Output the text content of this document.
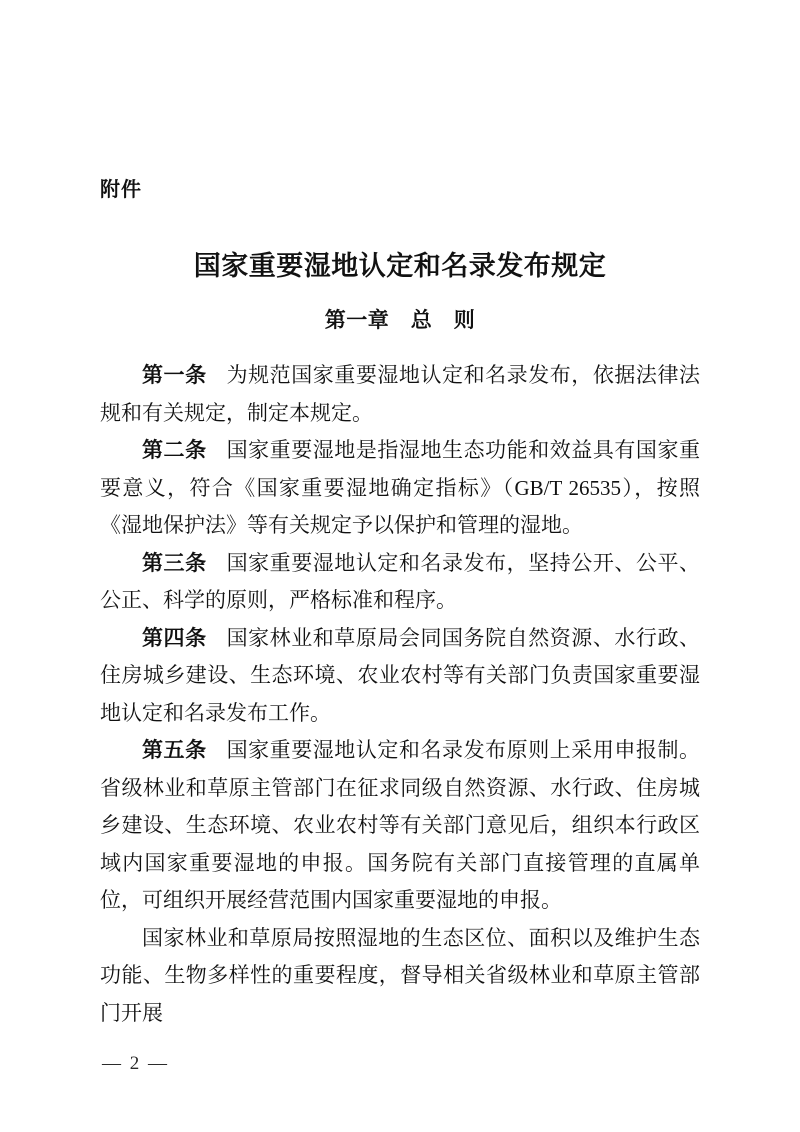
附件
国家重要湿地认定和名录发布规定
第一章　总　则

第一条 为规范国家重要湿地认定和名录发布，依据法律法规和有关规定，制定本规定。

第二条 国家重要湿地是指湿地生态功能和效益具有国家重要意义，符合《国家重要湿地确定指标》（GB/T 26535），按照《湿地保护法》等有关规定予以保护和管理的湿地。

第三条 国家重要湿地认定和名录发布，坚持公开、公平、公正、科学的原则，严格标准和程序。

第四条 国家林业和草原局会同国务院自然资源、水行政、住房城乡建设、生态环境、农业农村等有关部门负责国家重要湿地认定和名录发布工作。

第五条 国家重要湿地认定和名录发布原则上采用申报制。省级林业和草原主管部门在征求同级自然资源、水行政、住房城乡建设、生态环境、农业农村等有关部门意见后，组织本行政区域内国家重要湿地的申报。国务院有关部门直接管理的直属单位，可组织开展经营范围内国家重要湿地的申报。

国家林业和草原局按照湿地的生态区位、面积以及维护生态功能、生物多样性的重要程度，督导相关省级林业和草原主管部门开展

— 2 —
